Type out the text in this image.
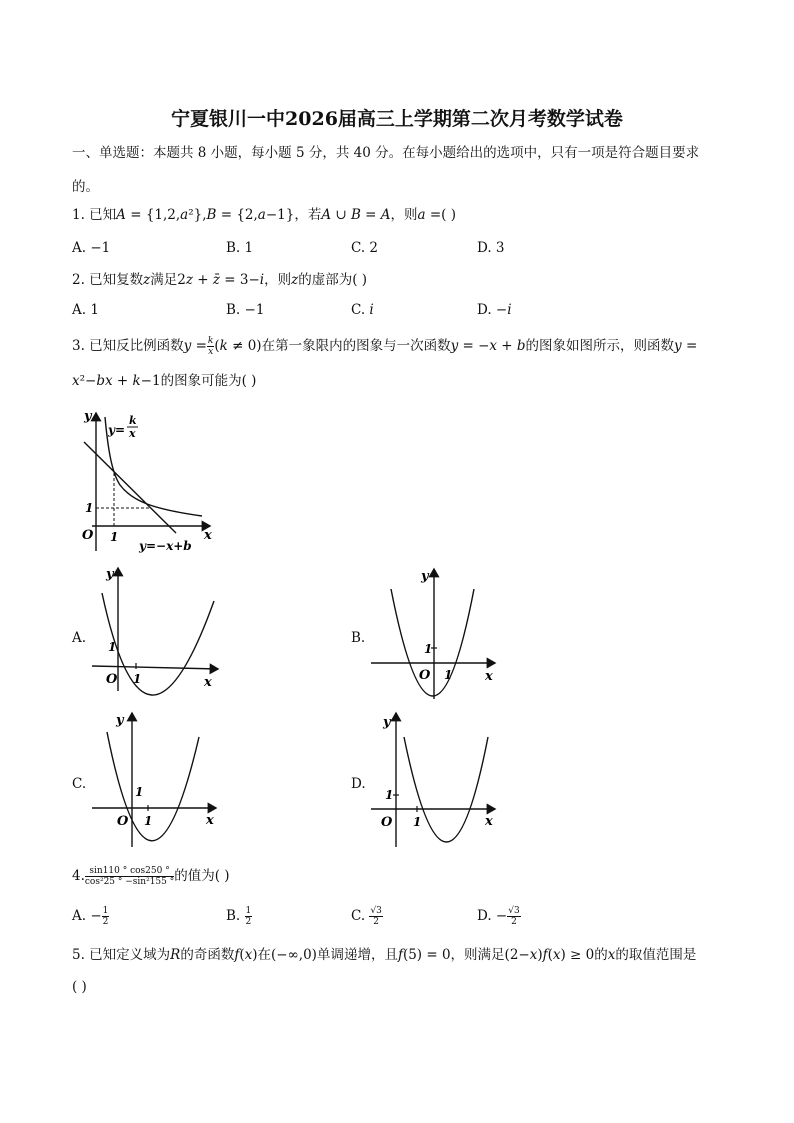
宁夏银川一中2026届高三上学期第二次月考数学试卷
一、单选题：本题共 8 小题，每小题 5 分，共 40 分。在每小题给出的选项中，只有一项是符合题目要求
的。
1. 已知𝐴 = {1,2,𝑎²},𝐵 = {2,𝑎−1}，若𝐴 ∪ 𝐵 = 𝐴，则𝑎 =( )
A. −1	B. 1	C. 2	D. 3
2. 已知复数𝑧满足2𝑧 + 𝑧̄ = 3−𝑖，则𝑧的虚部为( )
A. 1	B. −1	C. 𝑖	D. −𝑖
3. 已知反比例函数𝑦 = $\frac{\text{𝑘}}{\text{𝑥}}$ (𝑘 ≠ 0)在第一象限内的图象与一次函数𝑦 = −𝑥 + 𝑏的图象如图所示，则函数𝑦 =
𝑥²−𝑏𝑥 + 𝑘−1的图象可能为( )
y
x
O 1
1
y=
k
x
y=−x+b
A.
y
x
O 1
1
B.
y
x
O 1
1
C.
y
x
O 1
1	D.
y
x
O 1
1
4. $\frac{\sin 110 ^\circ \cos 250 ^\circ}{\text{cos²25 ° −sin²155 °}}$ 的值为( )
A. − $\frac{1}{2}$	B. $\frac{1}{2}$	C. $\frac{√3}{2}$	D. − $\frac{√3}{2}$
5. 已知定义域为𝑅的奇函数𝑓(𝑥)在(−∞,0)单调递增，且𝑓(5) = 0，则满足(2−𝑥)𝑓(𝑥) ≥ 0的𝑥的取值范围是
( )
